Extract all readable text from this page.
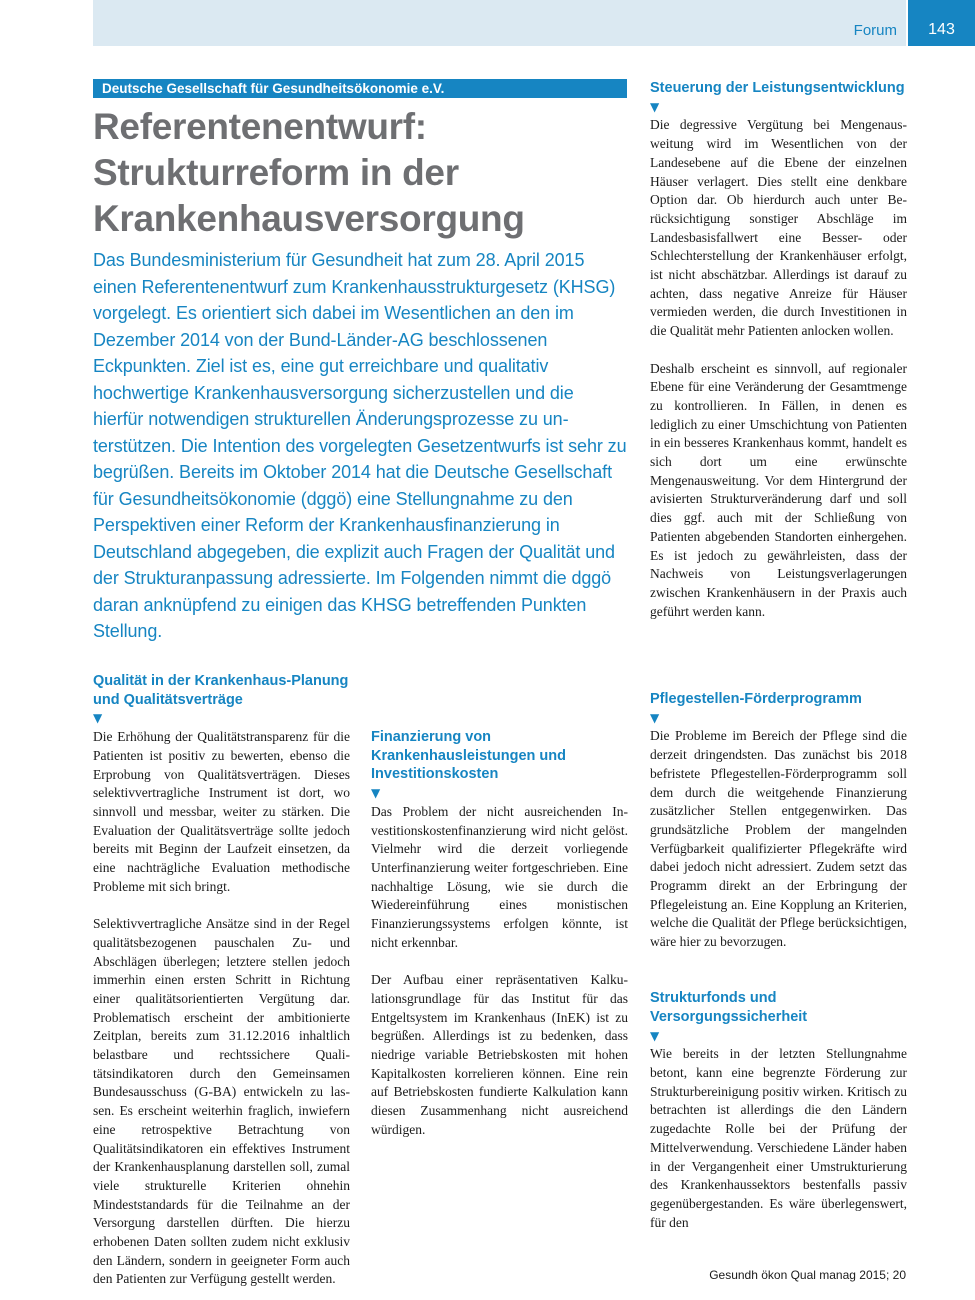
Forum	143
Deutsche Gesellschaft für Gesundheitsökonomie e.V.
Referentenentwurf:
Strukturreform in der
Krankenhausversorgung

Das Bundesministerium für Gesundheit hat zum 28. April 2015 einen Referentenentwurf zum Krankenhausstrukturgesetz (KHSG) vorgelegt. Es orientiert sich dabei im Wesentlichen an den im Dezember 2014 von der Bund-Länder-AG beschlossenen Eckpunkten. Ziel ist es, eine gut erreichbare und qualitativ hochwertige Krankenhausversorgung sicherzustellen und die hierfür notwendigen strukturellen Änderungsprozesse zu unterstützen. Die Intention des vorgelegten Gesetzentwurfs ist sehr zu begrüßen. Bereits im Oktober 2014 hat die Deutsche Gesellschaft für Gesundheitsökonomie (dggö) eine Stellungnahme zu den Perspektiven einer Reform der Krankenhausfinanzierung in Deutschland abgegeben, die explizit auch Fragen der Qualität und der Strukturanpassung adressierte. Im Folgenden nimmt die dggö daran anknüpfend zu einigen das KHSG betreffenden Punkten Stellung.

Qualität in der Krankenhaus-Planung und Qualitätsverträge
▼

Die Erhöhung der Qualitätstransparenz für die Patienten ist positiv zu bewerten, ebenso die Erprobung von Qualitätsverträgen. Dieses selektivvertragliche Instrument ist dort, wo sinnvoll und messbar, weiter zu stärken. Die Evaluation der Qualitätsverträge sollte jedoch bereits mit Beginn der Laufzeit einsetzen, da eine nachträgliche Evaluation methodische Probleme mit sich bringt.

Selektivvertragliche Ansätze sind in der Regel qualitätsbezogenen pauschalen Zu- und Abschlägen überlegen; letztere stellen jedoch immerhin einen ersten Schritt in Richtung einer qualitätsorientierten Vergütung dar. Problematisch erscheint der ambitionierte Zeitplan, bereits zum 31.12.2016 inhaltlich belastbare und rechtssichere Qualitätsindikatoren durch den Gemeinsamen Bundesausschuss (G-BA) entwickeln zu lassen. Es erscheint weiterhin fraglich, inwiefern eine retrospektive Betrachtung von Qualitätsindikatoren ein effektives Instrument der Krankenhausplanung darstellen soll, zumal viele strukturelle Kriterien ohnehin Mindeststandards für die Teilnahme an der Versorgung darstellen dürften. Die hierzu erhobenen Daten sollten zudem nicht exklusiv den Ländern, sondern in geeigneter Form auch den Patienten zur Verfügung gestellt werden.

Finanzierung von Krankenhausleistungen und Investitionskosten
▼

Das Problem der nicht ausreichenden Investitionskostenfinanzierung wird nicht gelöst. Vielmehr wird die derzeit vorliegende Unterfinanzierung weiter fortgeschrieben. Eine nachhaltige Lösung, wie sie durch die Wiedereinführung eines monistischen Finanzierungssystems erfolgen könnte, ist nicht erkennbar.

Der Aufbau einer repräsentativen Kalkulationsgrundlage für das Institut für das Entgeltsystem im Krankenhaus (InEK) ist zu begrüßen. Allerdings ist zu bedenken, dass niedrige variable Betriebskosten mit hohen Kapitalkosten korrelieren können. Eine rein auf Betriebskosten fundierte Kalkulation kann diesen Zusammenhang nicht ausreichend würdigen.

Steuerung der Leistungsentwicklung
▼

Die degressive Vergütung bei Mengenausweitung wird im Wesentlichen von der Landesebene auf die Ebene der einzelnen Häuser verlagert. Dies stellt eine denkbare Option dar. Ob hierdurch auch unter Berücksichtigung sonstiger Abschläge im Landesbasisfallwert eine Besser- oder Schlechterstellung der Krankenhäuser erfolgt, ist nicht abschätzbar. Allerdings ist darauf zu achten, dass negative Anreize für Häuser vermieden werden, die durch Investitionen in die Qualität mehr Patienten anlocken wollen.

Deshalb erscheint es sinnvoll, auf regionaler Ebene für eine Veränderung der Gesamtmenge zu kontrollieren. In Fällen, in denen es lediglich zu einer Umschichtung von Patienten in ein besseres Krankenhaus kommt, handelt es sich dort um eine erwünschte Mengenausweitung. Vor dem Hintergrund der avisierten Strukturveränderung darf und soll dies ggf. auch mit der Schließung von Patienten abgebenden Standorten einhergehen. Es ist jedoch zu gewährleisten, dass der Nachweis von Leistungsverlagerungen zwischen Krankenhäusern in der Praxis auch geführt werden kann.

Pflegestellen-Förderprogramm
▼

Die Probleme im Bereich der Pflege sind die derzeit dringendsten. Das zunächst bis 2018 befristete Pflegestellen-Förderprogramm soll dem durch die weitgehende Finanzierung zusätzlicher Stellen entgegenwirken. Das grundsätzliche Problem der mangelnden Verfügbarkeit qualifizierter Pflegekräfte wird dabei jedoch nicht adressiert. Zudem setzt das Programm direkt an der Erbringung der Pflegeleistung an. Eine Kopplung an Kriterien, welche die Qualität der Pflege berücksichtigen, wäre hier zu bevorzugen.

Strukturfonds und Versorgungssicherheit
▼

Wie bereits in der letzten Stellungnahme betont, kann eine begrenzte Förderung zur Strukturbereinigung positiv wirken. Kritisch zu betrachten ist allerdings die den Ländern zugedachte Rolle bei der Prüfung der Mittelverwendung. Verschiedene Länder haben in der Vergangenheit einer Umstrukturierung des Krankenhaussektors bestenfalls passiv gegenübergestanden. Es wäre überlegenswert, für den

Gesundh ökon Qual manag 2015; 20
